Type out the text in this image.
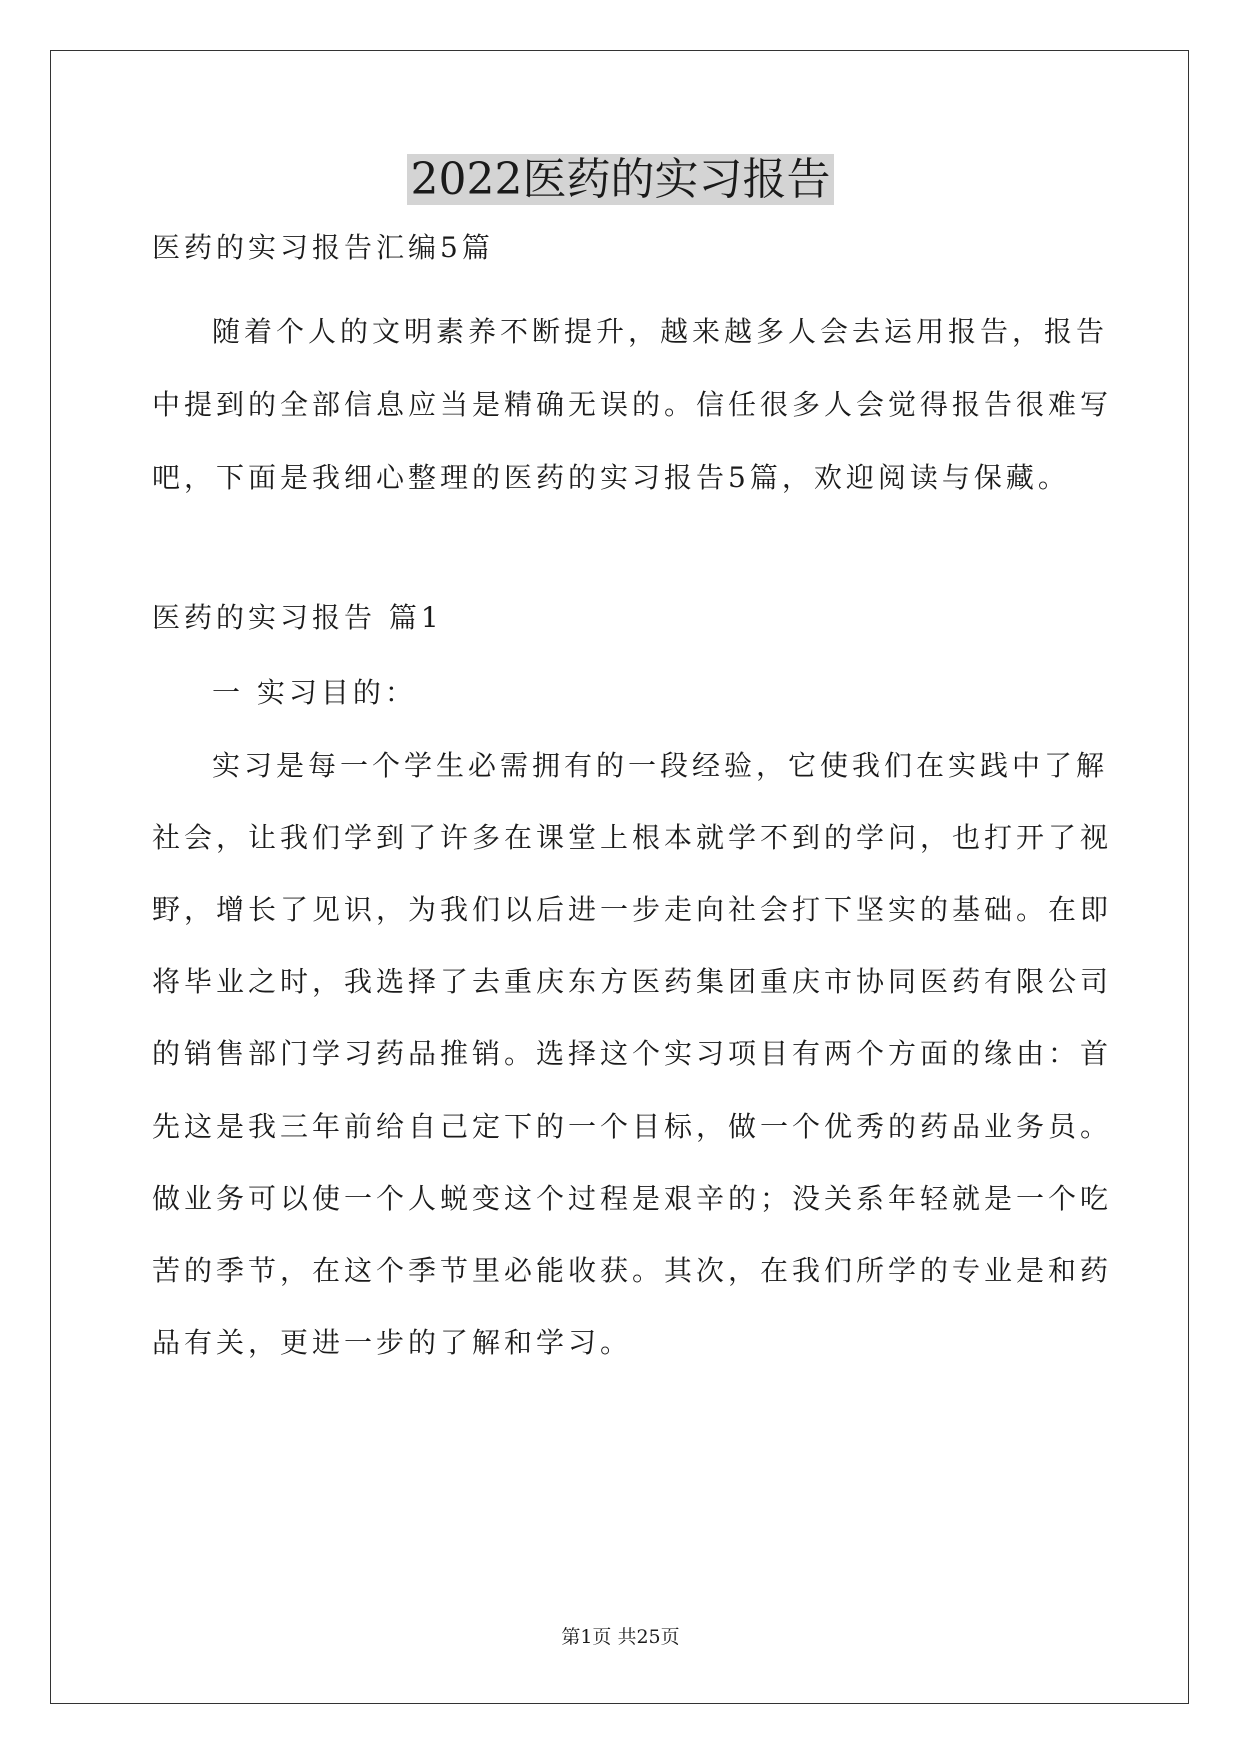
2022医药的实习报告
医药的实习报告汇编5篇
随着个人的文明素养不断提升，越来越多人会去运用报告，报告
中提到的全部信息应当是精确无误的。信任很多人会觉得报告很难写
吧，下面是我细心整理的医药的实习报告5篇，欢迎阅读与保藏。
医药的实习报告 篇1
一 实习目的：
实习是每一个学生必需拥有的一段经验，它使我们在实践中了解
社会，让我们学到了许多在课堂上根本就学不到的学问，也打开了视
野，增长了见识，为我们以后进一步走向社会打下坚实的基础。在即
将毕业之时，我选择了去重庆东方医药集团重庆市协同医药有限公司
的销售部门学习药品推销。选择这个实习项目有两个方面的缘由：首
先这是我三年前给自己定下的一个目标，做一个优秀的药品业务员。
做业务可以使一个人蜕变这个过程是艰辛的；没关系年轻就是一个吃
苦的季节，在这个季节里必能收获。其次，在我们所学的专业是和药
品有关，更进一步的了解和学习。
第1页 共25页
